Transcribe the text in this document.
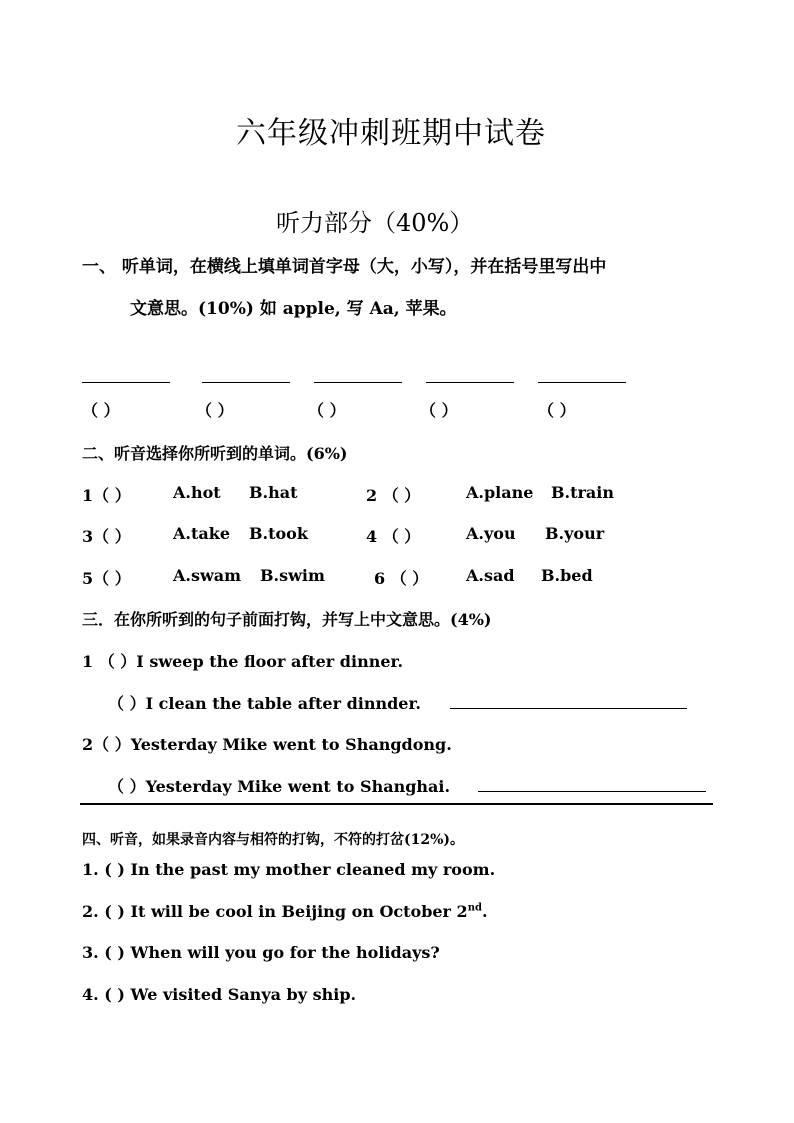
六年级冲刺班期中试卷
听力部分（40%）
一、 听单词，在横线上填单词首字母（大，小写），并在括号里写出中
文意思。(10%) 如 apple, 写 Aa, 苹果。
（ ）	（ ）	（ ）	（ ）	（ ）
二、听音选择你所听到的单词。(6%)
1（ ）	A.hot B.hat	2 （ ）	A.plane B.train
3（ ）	A.take B.took	4 （ ）	A.you B.your
5（ ）	A.swam B.swim	6 （ ） A.sad B.bed
三．在你所听到的句子前面打钩，并写上中文意思。(4%)
1 （ ）I sweep the floor after dinner.
（ ）I clean the table after dinnder.
2（ ）Yesterday Mike went to Shangdong.
（ ）Yesterday Mike went to Shanghai.
四、听音，如果录音内容与相符的打钩，不符的打岔(12%)。
1. ( ) In the past my mother cleaned my room.
2. ( ) It will be cool in Beijing on October 2nd.
3. ( ) When will you go for the holidays?
4. ( ) We visited Sanya by ship.
